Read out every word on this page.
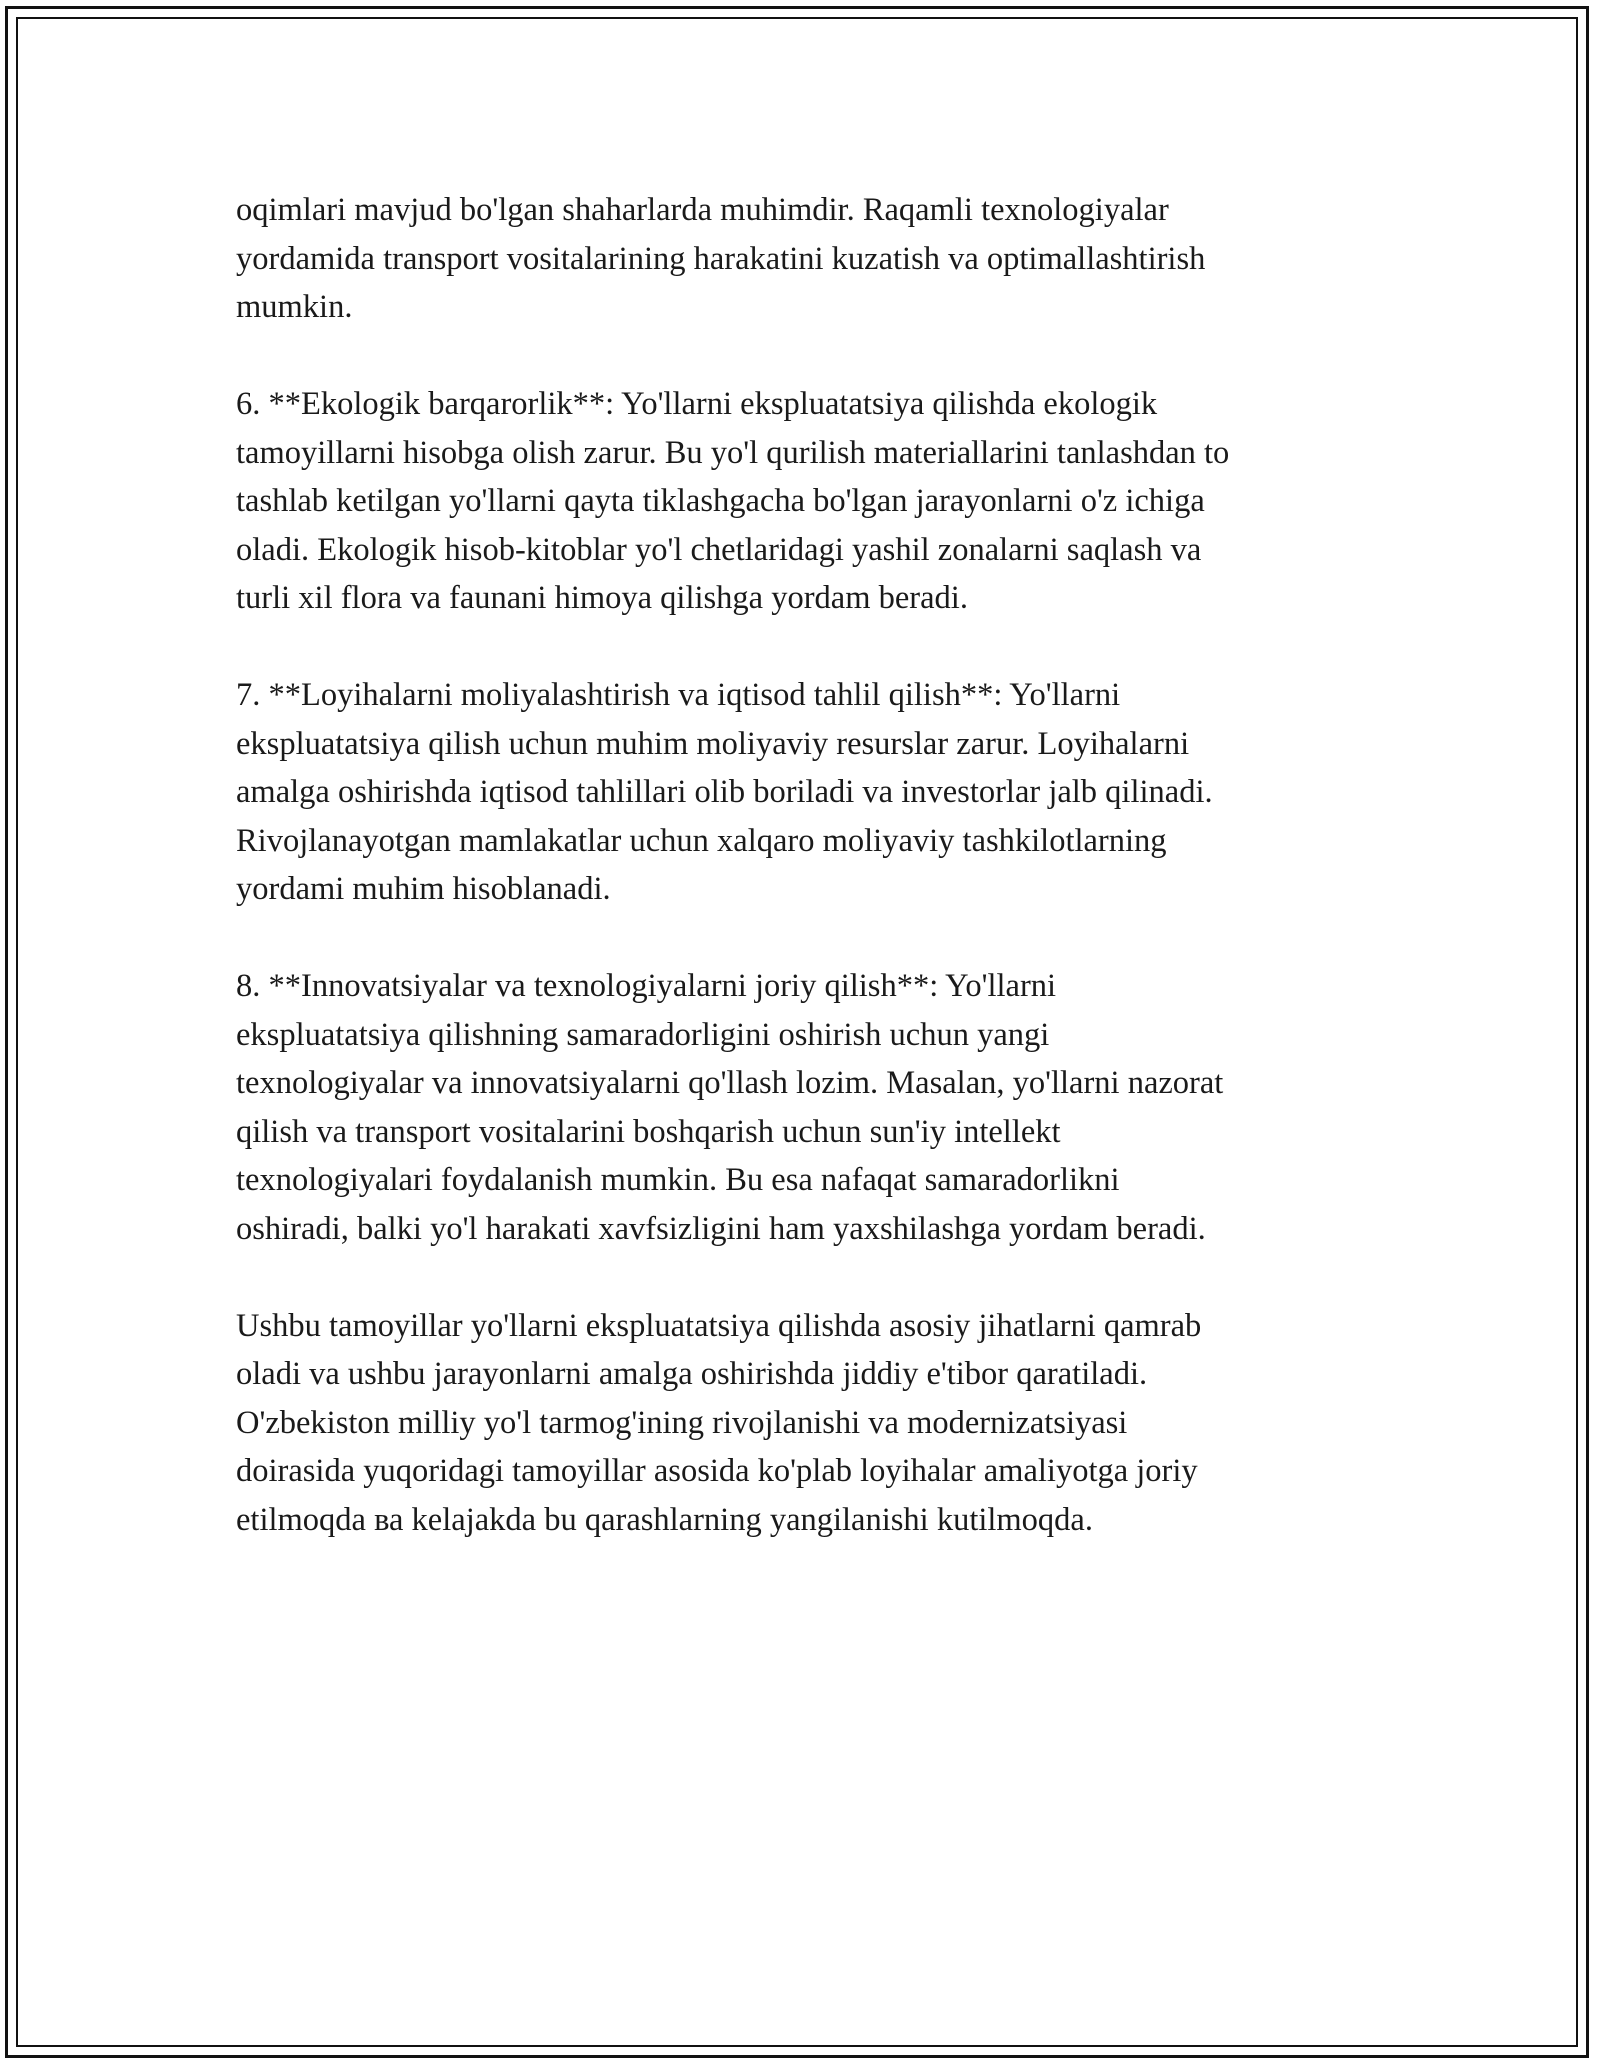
oqimlari mavjud bo'lgan shaharlarda muhimdir. Raqamli texnologiyalar
yordamida transport vositalarining harakatini kuzatish va optimallashtirish
mumkin.

6. **Ekologik barqarorlik**: Yo'llarni ekspluatatsiya qilishda ekologik
tamoyillarni hisobga olish zarur. Bu yo'l qurilish materiallarini tanlashdan to
tashlab ketilgan yo'llarni qayta tiklashgacha bo'lgan jarayonlarni o'z ichiga
oladi. Ekologik hisob-kitoblar yo'l chetlaridagi yashil zonalarni saqlash va
turli xil flora va faunani himoya qilishga yordam beradi.

7. **Loyihalarni moliyalashtirish va iqtisod tahlil qilish**: Yo'llarni
ekspluatatsiya qilish uchun muhim moliyaviy resurslar zarur. Loyihalarni
amalga oshirishda iqtisod tahlillari olib boriladi va investorlar jalb qilinadi.
Rivojlanayotgan mamlakatlar uchun xalqaro moliyaviy tashkilotlarning
yordami muhim hisoblanadi.

8. **Innovatsiyalar va texnologiyalarni joriy qilish**: Yo'llarni
ekspluatatsiya qilishning samaradorligini oshirish uchun yangi
texnologiyalar va innovatsiyalarni qo'llash lozim. Masalan, yo'llarni nazorat
qilish va transport vositalarini boshqarish uchun sun'iy intellekt
texnologiyalari foydalanish mumkin. Bu esa nafaqat samaradorlikni
oshiradi, balki yo'l harakati xavfsizligini ham yaxshilashga yordam beradi.

Ushbu tamoyillar yo'llarni ekspluatatsiya qilishda asosiy jihatlarni qamrab
oladi va ushbu jarayonlarni amalga oshirishda jiddiy e'tibor qaratiladi.
O'zbekiston milliy yo'l tarmog'ining rivojlanishi va modernizatsiyasi
doirasida yuqoridagi tamoyillar asosida ko'plab loyihalar amaliyotga joriy
etilmoqda ва kelajakda bu qarashlarning yangilanishi kutilmoqda.
